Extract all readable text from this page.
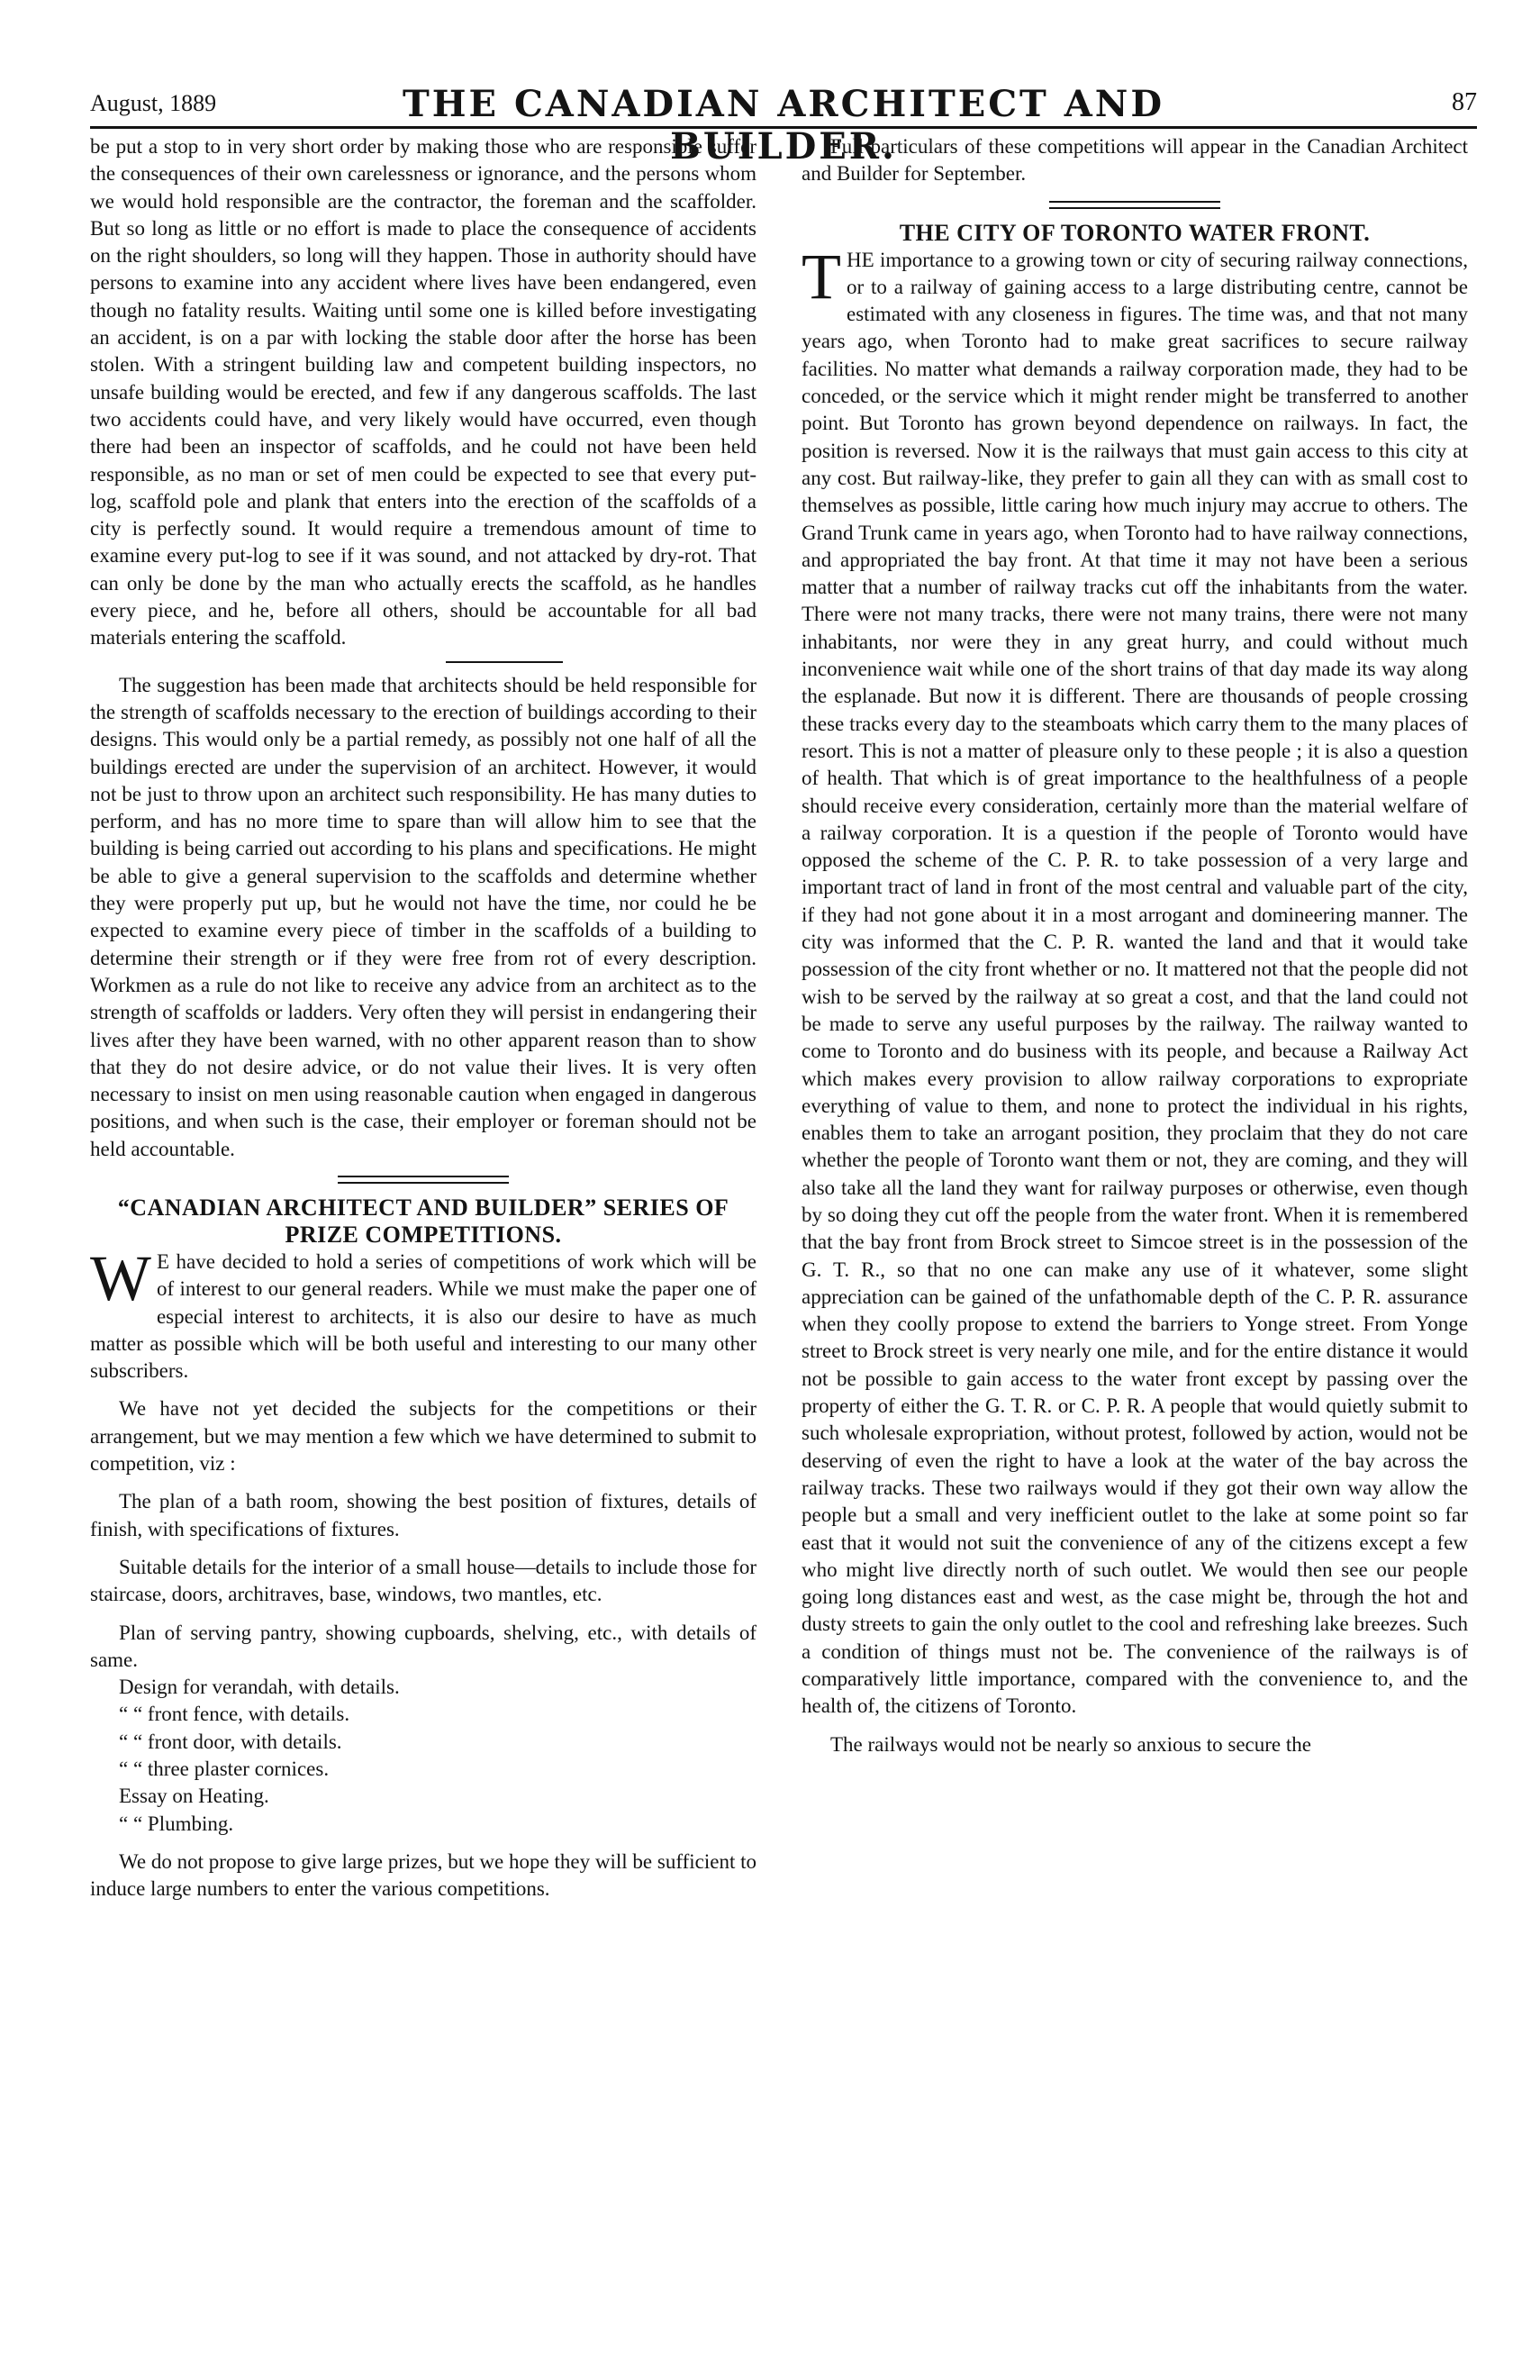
August, 1889	THE CANADIAN ARCHITECT AND BUILDER.
87

be put a stop to in very short order by making those who are responsible suffer the consequences of their own carelessness or ignorance, and the persons whom we would hold responsible are the contractor, the foreman and the scaffolder. But so long as little or no effort is made to place the consequence of accidents on the right shoulders, so long will they happen. Those in authority should have persons to examine into any accident where lives have been endangered, even though no fatality results. Waiting until some one is killed before investigating an accident, is on a par with locking the stable door after the horse has been stolen. With a stringent building law and competent building inspectors, no unsafe building would be erected, and few if any dangerous scaffolds. The last two accidents could have, and very likely would have occurred, even though there had been an inspector of scaffolds, and he could not have been held responsible, as no man or set of men could be expected to see that every put-log, scaffold pole and plank that enters into the erection of the scaffolds of a city is perfectly sound. It would require a tremendous amount of time to examine every put-log to see if it was sound, and not attacked by dry-rot. That can only be done by the man who actually erects the scaffold, as he handles every piece, and he, before all others, should be accountable for all bad materials entering the scaffold.

The suggestion has been made that architects should be held responsible for the strength of scaffolds necessary to the erection of buildings according to their designs. This would only be a partial remedy, as possibly not one half of all the buildings erected are under the supervision of an architect. However, it would not be just to throw upon an architect such responsibility. He has many duties to perform, and has no more time to spare than will allow him to see that the building is being carried out according to his plans and specifications. He might be able to give a general supervision to the scaffolds and determine whether they were properly put up, but he would not have the time, nor could he be expected to examine every piece of timber in the scaffolds of a building to determine their strength or if they were free from rot of every description. Workmen as a rule do not like to receive any advice from an architect as to the strength of scaffolds or ladders. Very often they will persist in endangering their lives after they have been warned, with no other apparent reason than to show that they do not desire advice, or do not value their lives. It is very often necessary to insist on men using reasonable caution when engaged in dangerous positions, and when such is the case, their employer or foreman should not be held accountable.

“CANADIAN ARCHITECT AND BUILDER” SERIES OF PRIZE COMPETITIONS.

W E have decided to hold a series of competitions of work which will be of interest to our general readers. While we must make the paper one of especial interest to architects, it is also our desire to have as much matter as possible which will be both useful and interesting to our many other subscribers.

We have not yet decided the subjects for the competitions or their arrangement, but we may mention a few which we have determined to submit to competition, viz :

The plan of a bath room, showing the best position of fixtures, details of finish, with specifications of fixtures.

Suitable details for the interior of a small house—details to include those for staircase, doors, architraves, base, windows, two mantles, etc.

Plan of serving pantry, showing cupboards, shelving, etc., with details of same.

Design for verandah, with details.

“ “ front fence, with details.

“ “ front door, with details.

“ “ three plaster cornices.

Essay on Heating.

“ “ Plumbing.

We do not propose to give large prizes, but we hope they will be sufficient to induce large numbers to enter the various competitions.

Full particulars of these competitions will appear in the Canadian Architect and Builder for September.

THE CITY OF TORONTO WATER FRONT.

THE importance to a growing town or city of securing railway connections, or to a railway of gaining access to a large distributing centre, cannot be estimated with any closeness in figures. The time was, and that not many years ago, when Toronto had to make great sacrifices to secure railway facilities. No matter what demands a railway corporation made, they had to be conceded, or the service which it might render might be transferred to another point. But Toronto has grown beyond dependence on railways. In fact, the position is reversed. Now it is the railways that must gain access to this city at any cost. But railway-like, they prefer to gain all they can with as small cost to themselves as possible, little caring how much injury may accrue to others. The Grand Trunk came in years ago, when Toronto had to have railway connections, and appropriated the bay front. At that time it may not have been a serious matter that a number of railway tracks cut off the inhabitants from the water. There were not many tracks, there were not many trains, there were not many inhabitants, nor were they in any great hurry, and could without much inconvenience wait while one of the short trains of that day made its way along the esplanade. But now it is different. There are thousands of people crossing these tracks every day to the steamboats which carry them to the many places of resort. This is not a matter of pleasure only to these people ; it is also a question of health. That which is of great importance to the healthfulness of a people should receive every consideration, certainly more than the material welfare of a railway corporation. It is a question if the people of Toronto would have opposed the scheme of the C. P. R. to take possession of a very large and important tract of land in front of the most central and valuable part of the city, if they had not gone about it in a most arrogant and domineering manner. The city was informed that the C. P. R. wanted the land and that it would take possession of the city front whether or no. It mattered not that the people did not wish to be served by the railway at so great a cost, and that the land could not be made to serve any useful purposes by the railway. The railway wanted to come to Toronto and do business with its people, and because a Railway Act which makes every provision to allow railway corporations to expropriate everything of value to them, and none to protect the individual in his rights, enables them to take an arrogant position, they proclaim that they do not care whether the people of Toronto want them or not, they are coming, and they will also take all the land they want for railway purposes or otherwise, even though by so doing they cut off the people from the water front. When it is remembered that the bay front from Brock street to Simcoe street is in the possession of the G. T. R., so that no one can make any use of it whatever, some slight appreciation can be gained of the unfathomable depth of the C. P. R. assurance when they coolly propose to extend the barriers to Yonge street. From Yonge street to Brock street is very nearly one mile, and for the entire distance it would not be possible to gain access to the water front except by passing over the property of either the G. T. R. or C. P. R. A people that would quietly submit to such wholesale expropriation, without protest, followed by action, would not be deserving of even the right to have a look at the water of the bay across the railway tracks. These two railways would if they got their own way allow the people but a small and very inefficient outlet to the lake at some point so far east that it would not suit the convenience of any of the citizens except a few who might live directly north of such outlet. We would then see our people going long distances east and west, as the case might be, through the hot and dusty streets to gain the only outlet to the cool and refreshing lake breezes. Such a condition of things must not be. The convenience of the railways is of comparatively little importance, compared with the convenience to, and the health of, the citizens of Toronto.

The railways would not be nearly so anxious to secure the
